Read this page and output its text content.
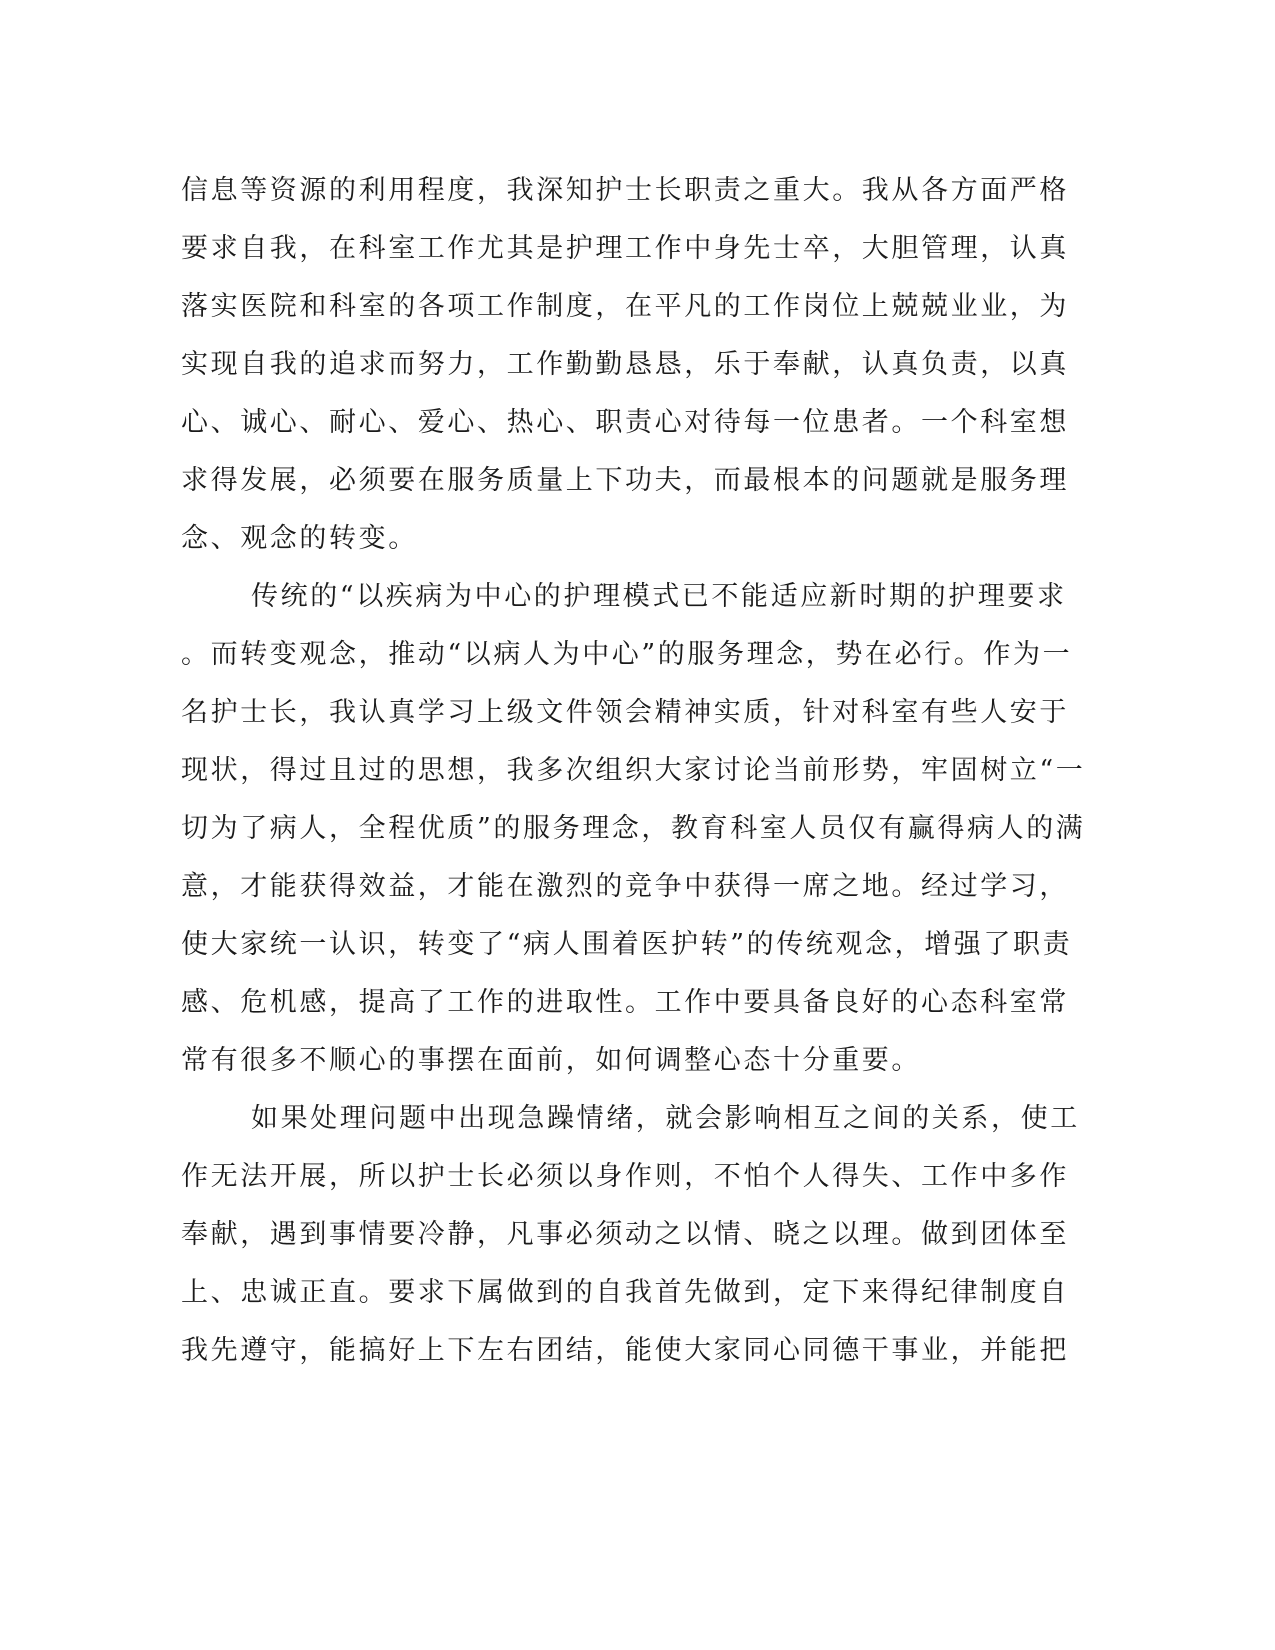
信息等资源的利用程度，我深知护士长职责之重大。我从各方面严格
要求自我，在科室工作尤其是护理工作中身先士卒，大胆管理，认真
落实医院和科室的各项工作制度，在平凡的工作岗位上兢兢业业，为
实现自我的追求而努力，工作勤勤恳恳，乐于奉献，认真负责，以真
心、诚心、耐心、爱心、热心、职责心对待每一位患者。一个科室想
求得发展，必须要在服务质量上下功夫，而最根本的问题就是服务理
念、观念的转变。
传统的“以疾病为中心的护理模式已不能适应新时期的护理要求
。而转变观念，推动“以病人为中心”的服务理念，势在必行。作为一
名护士长，我认真学习上级文件领会精神实质，针对科室有些人安于
现状，得过且过的思想，我多次组织大家讨论当前形势，牢固树立“一
切为了病人，全程优质”的服务理念，教育科室人员仅有赢得病人的满
意，才能获得效益，才能在激烈的竞争中获得一席之地。经过学习，
使大家统一认识，转变了“病人围着医护转”的传统观念，增强了职责
感、危机感，提高了工作的进取性。工作中要具备良好的心态科室常
常有很多不顺心的事摆在面前，如何调整心态十分重要。
如果处理问题中出现急躁情绪，就会影响相互之间的关系，使工
作无法开展，所以护士长必须以身作则，不怕个人得失、工作中多作
奉献，遇到事情要冷静，凡事必须动之以情、晓之以理。做到团体至
上、忠诚正直。要求下属做到的自我首先做到，定下来得纪律制度自
我先遵守，能搞好上下左右团结，能使大家同心同德干事业，并能把
